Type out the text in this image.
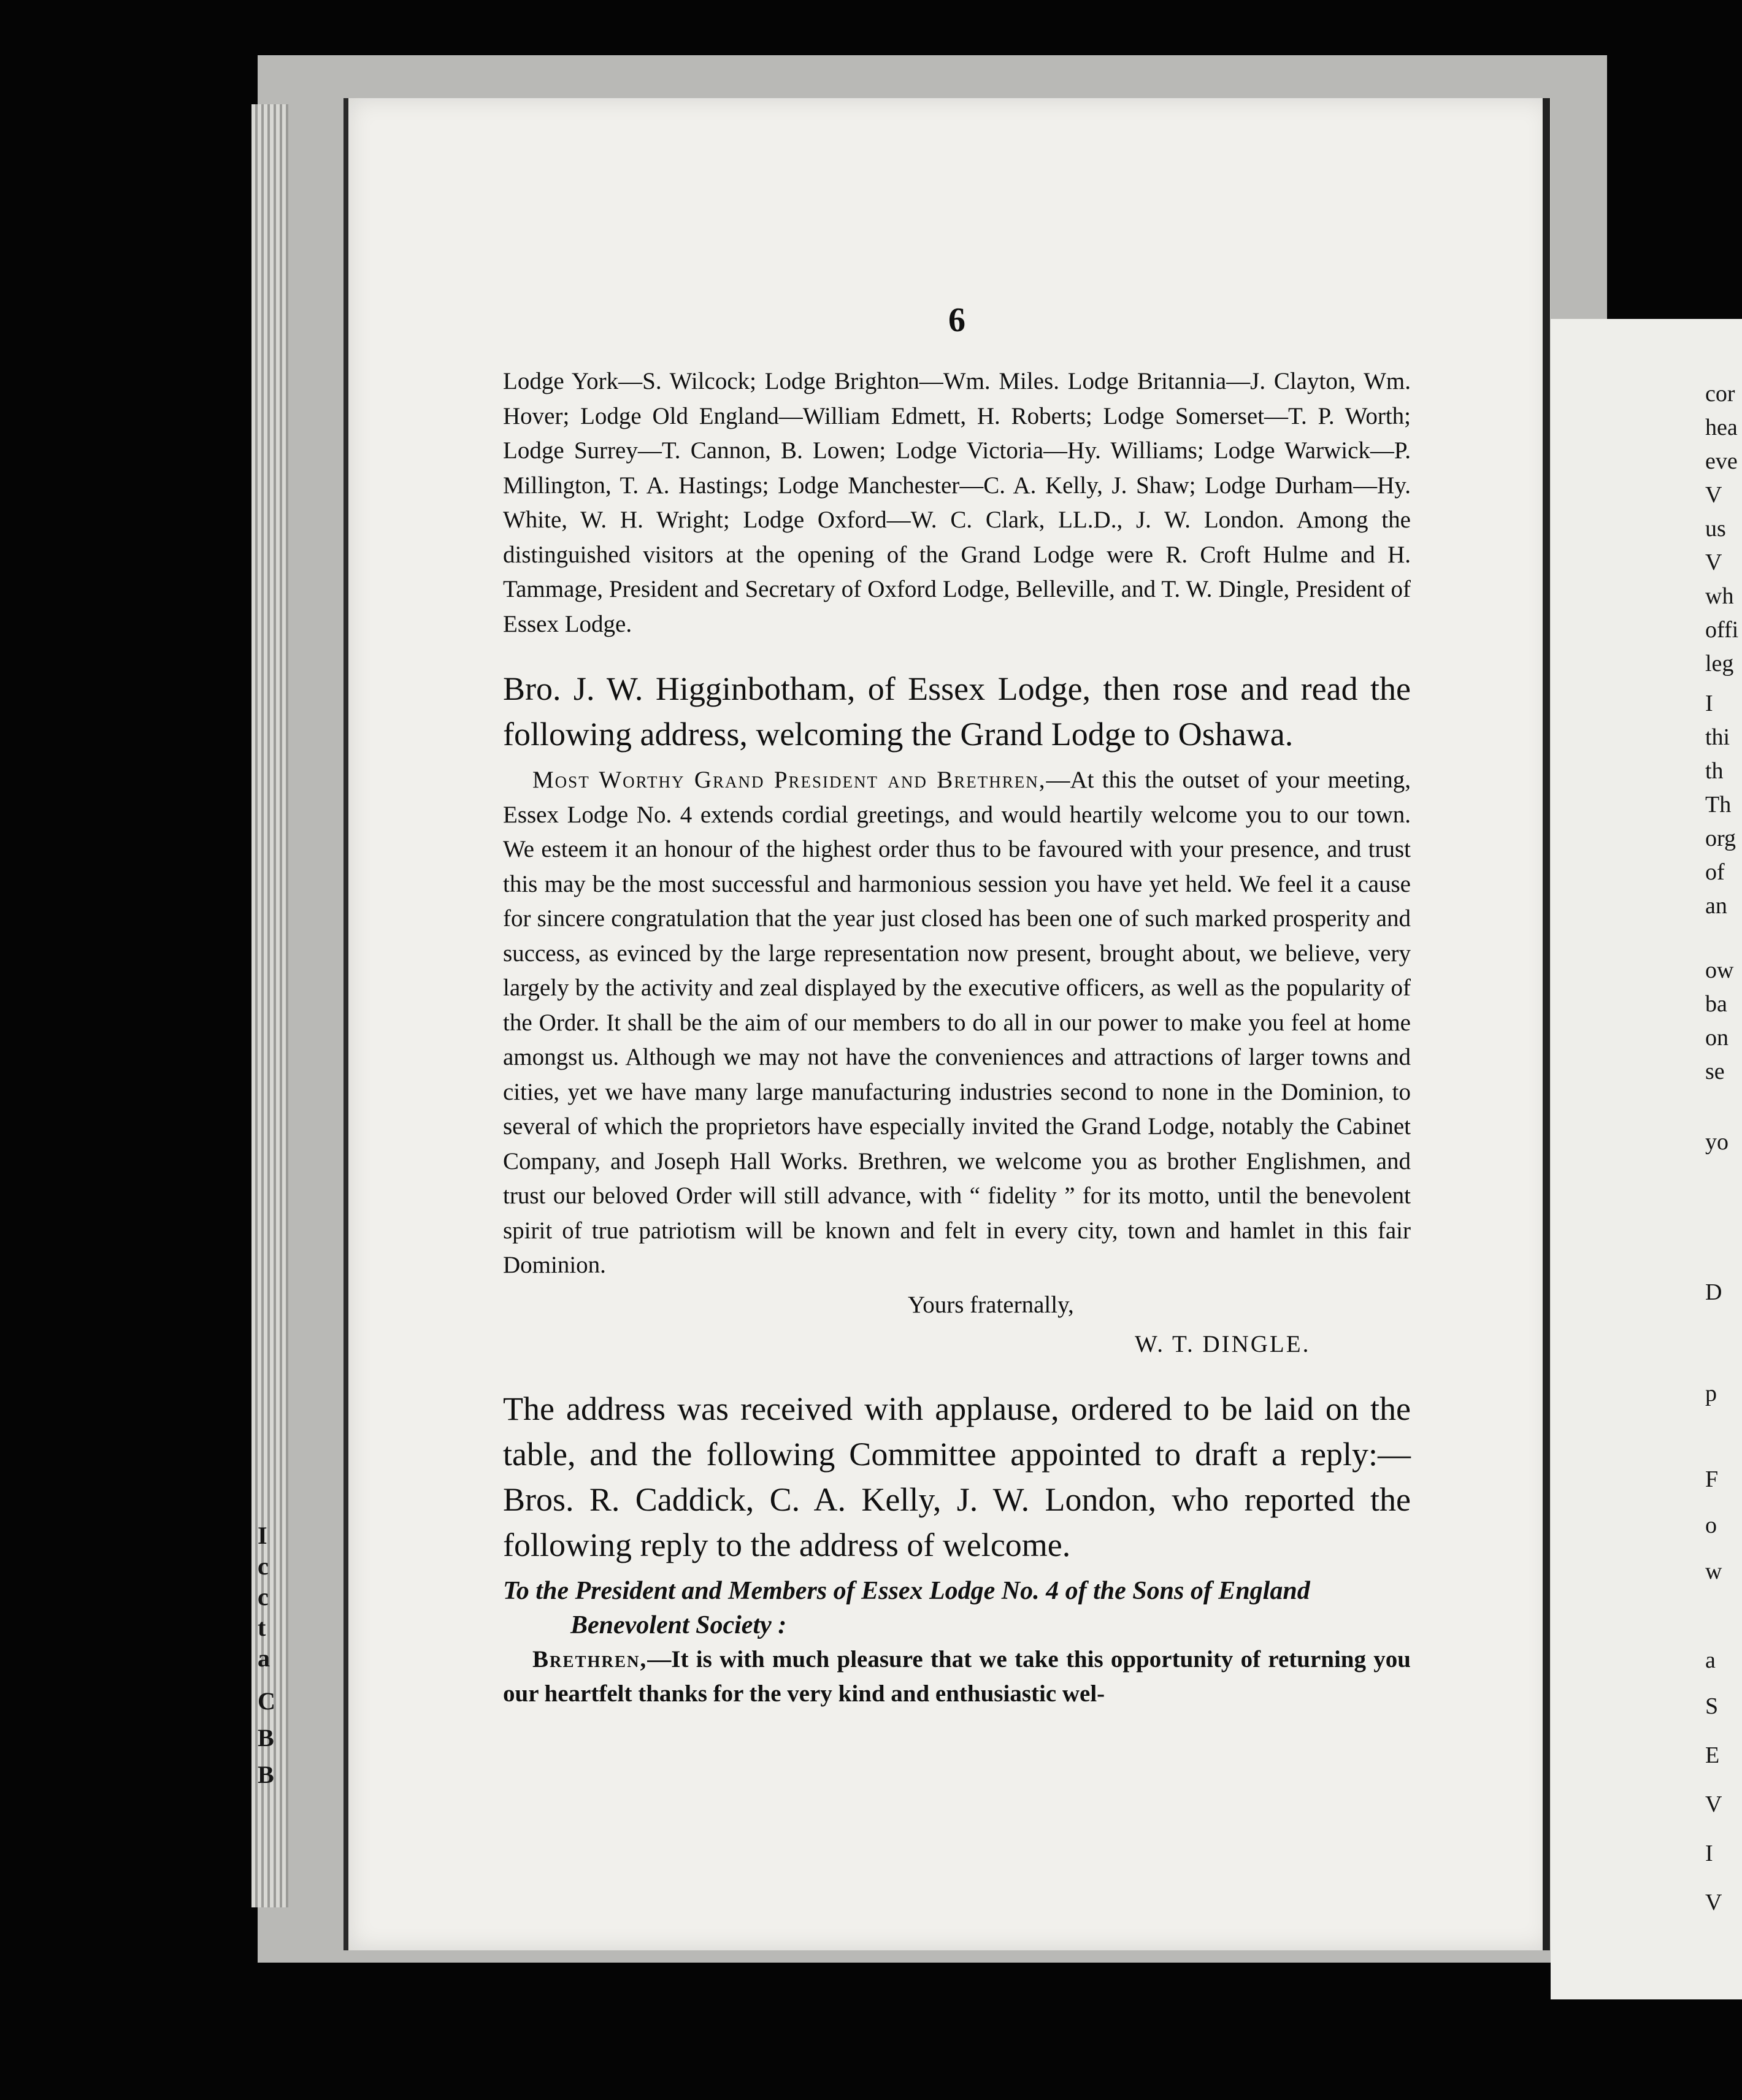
cor
hea
eve
V
us
V
wh
offi
leg
I
thi
th
Th
org
of
an
ow
ba
on
se
yo
D
p
F
o
w
a
S
E
V
I
V
I
c
c
t
a
C
B
B
6

Lodge York—S. Wilcock; Lodge Brighton—Wm. Miles. Lodge Britannia—J. Clayton, Wm. Hover; Lodge Old England—William Edmett, H. Roberts; Lodge Somerset—T. P. Worth; Lodge Surrey—T. Cannon, B. Lowen; Lodge Victoria—Hy. Williams; Lodge Warwick—P. Millington, T. A. Hastings; Lodge Manchester—C. A. Kelly, J. Shaw; Lodge Durham—Hy. White, W. H. Wright; Lodge Oxford—W. C. Clark, LL.D., J. W. London. Among the distinguished visitors at the opening of the Grand Lodge were R. Croft Hulme and H. Tammage, President and Secretary of Oxford Lodge, Belleville, and T. W. Dingle, President of Essex Lodge.

Bro. J. W. Higginbotham, of Essex Lodge, then rose and read the following address, welcoming the Grand Lodge to Oshawa.

Most Worthy Grand President and Brethren,—At this the outset of your meeting, Essex Lodge No. 4 extends cordial greetings, and would heartily welcome you to our town. We esteem it an honour of the highest order thus to be favoured with your presence, and trust this may be the most successful and harmonious session you have yet held. We feel it a cause for sincere congratulation that the year just closed has been one of such marked prosperity and success, as evinced by the large representation now present, brought about, we believe, very largely by the activity and zeal displayed by the executive officers, as well as the popularity of the Order. It shall be the aim of our members to do all in our power to make you feel at home amongst us. Although we may not have the conveniences and attractions of larger towns and cities, yet we have many large manufacturing industries second to none in the Dominion, to several of which the proprietors have especially invited the Grand Lodge, notably the Cabinet Company, and Joseph Hall Works. Brethren, we welcome you as brother Englishmen, and trust our beloved Order will still advance, with “ fidelity ” for its motto, until the benevolent spirit of true patriotism will be known and felt in every city, town and hamlet in this fair Dominion.

Yours fraternally,

W. T. DINGLE.

The address was received with applause, ordered to be laid on the table, and the following Committee appointed to draft a reply:—Bros. R. Caddick, C. A. Kelly, J. W. London, who reported the following reply to the address of welcome.

To the President and Members of Essex Lodge No. 4 of the Sons of England
Benevolent Society :

Brethren,—It is with much pleasure that we take this opportunity of returning you our heartfelt thanks for the very kind and enthusiastic wel-
